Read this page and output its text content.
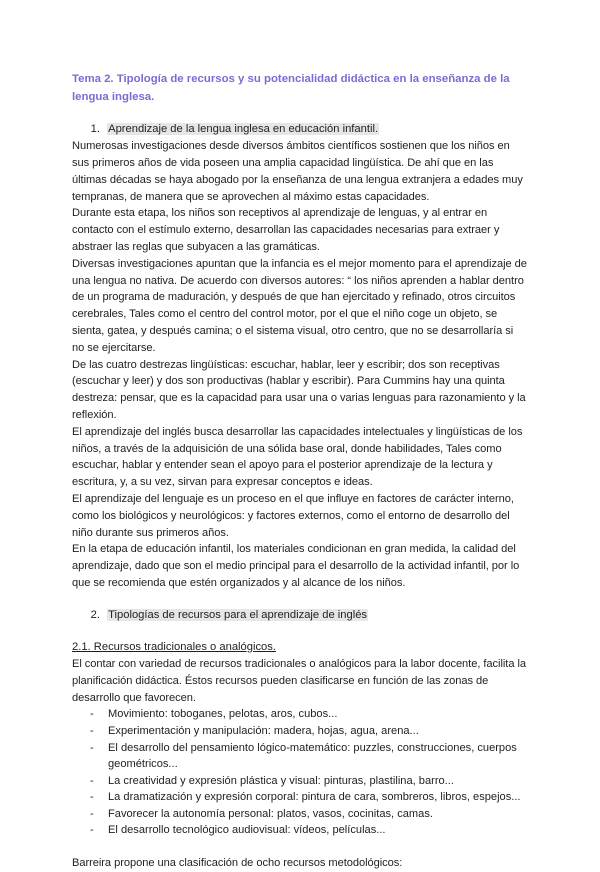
Tema 2. Tipología de recursos y su potencialidad didáctica en la enseñanza de la lengua inglesa.

1. Aprendizaje de la lengua inglesa en educación infantil.

Numerosas investigaciones desde diversos ámbitos científicos sostienen que los niños en sus primeros años de vida poseen una amplia capacidad lingüística. De ahí que en las últimas décadas se haya abogado por la enseñanza de una lengua extranjera a edades muy tempranas, de manera que se aprovechen al máximo estas capacidades.

Durante esta etapa, los niños son receptivos al aprendizaje de lenguas, y al entrar en contacto con el estímulo externo, desarrollan las capacidades necesarias para extraer y abstraer las reglas que subyacen a las gramáticas.

Diversas investigaciones apuntan que la infancia es el mejor momento para el aprendizaje de una lengua no nativa. De acuerdo con diversos autores: “ los niños aprenden a hablar dentro de un programa de maduración, y después de que han ejercitado y refinado, otros circuitos cerebrales, Tales como el centro del control motor, por el que el niño coge un objeto, se sienta, gatea, y después camina; o el sistema visual, otro centro, que no se desarrollaría si no se ejercitarse.

De las cuatro destrezas lingüísticas: escuchar, hablar, leer y escribir; dos son receptivas (escuchar y leer) y dos son productivas (hablar y escribir). Para Cummins hay una quinta destreza: pensar, que es la capacidad para usar una o varias lenguas para razonamiento y la reflexión.

El aprendizaje del inglés busca desarrollar las capacidades intelectuales y lingüísticas de los niños, a través de la adquisición de una sólida base oral, donde habilidades, Tales como escuchar, hablar y entender sean el apoyo para el posterior aprendizaje de la lectura y escritura, y, a su vez, sirvan para expresar conceptos e ideas.

El aprendizaje del lenguaje es un proceso en el que influye en factores de carácter interno, como los biológicos y neurológicos: y factores externos, como el entorno de desarrollo del niño durante sus primeros años.

En la etapa de educación infantil, los materiales condicionan en gran medida, la calidad del aprendizaje, dado que son el medio principal para el desarrollo de la actividad infantil, por lo que se recomienda que estén organizados y al alcance de los niños.

2. Tipologías de recursos para el aprendizaje de inglés

2.1. Recursos tradicionales o analógicos.

El contar con variedad de recursos tradicionales o analógicos para la labor docente, facilita la planificación didáctica. Éstos recursos pueden clasificarse en función de las zonas de desarrollo que favorecen.

- Movimiento: toboganes, pelotas, aros, cubos...
- Experimentación y manipulación: madera, hojas, agua, arena...
- El desarrollo del pensamiento lógico-matemático: puzzles, construcciones, cuerpos geométricos...
- La creatividad y expresión plástica y visual: pinturas, plastilina, barro...
- La dramatización y expresión corporal: pintura de cara, sombreros, libros, espejos...
- Favorecer la autonomía personal: platos, vasos, cocinitas, camas.
- El desarrollo tecnológico audiovisual: vídeos, películas...

Barreira propone una clasificación de ocho recursos metodológicos:
